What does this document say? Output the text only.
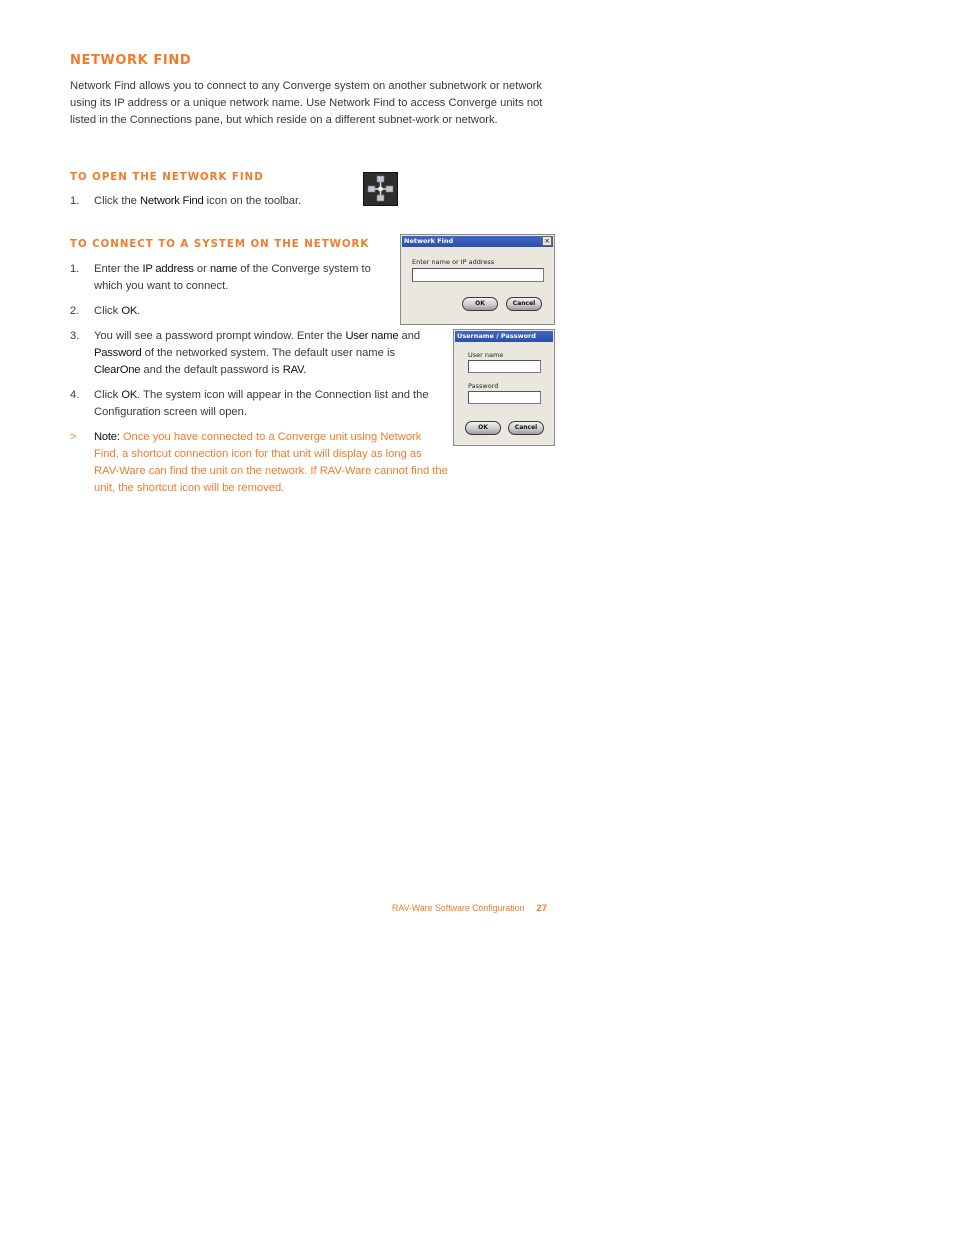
NETWORK FIND
Network Find allows you to connect to any Converge system on another subnetwork or network using its IP address or a unique network name. Use Network Find to access Converge units not listed in the Connections pane, but which reside on a different subnet-work or network.
TO OPEN THE NETWORK FIND
1.	Click the Network Find icon on the toolbar.
TO CONNECT TO A SYSTEM ON THE NETWORK
1.	Enter the IP address or name of the Converge system to which you want to connect.
2.	Click OK.
3.	You will see a password prompt window. Enter the User name and Password of the networked system. The default user name is ClearOne and the default password is RAV.
4.	Click OK. The system icon will appear in the Connection list and the Configuration screen will open.
>	Note: Once you have connected to a Converge unit using Network Find, a shortcut connection icon for that unit will display as long as RAV-Ware can find the unit on the network. If RAV-Ware cannot find the unit, the shortcut icon will be removed.
Network Find	×
Enter name or IP address
OK	Cancel
Username / Password
User name
Password
OK	Cancel
RAV-Ware Software Configuration 27
